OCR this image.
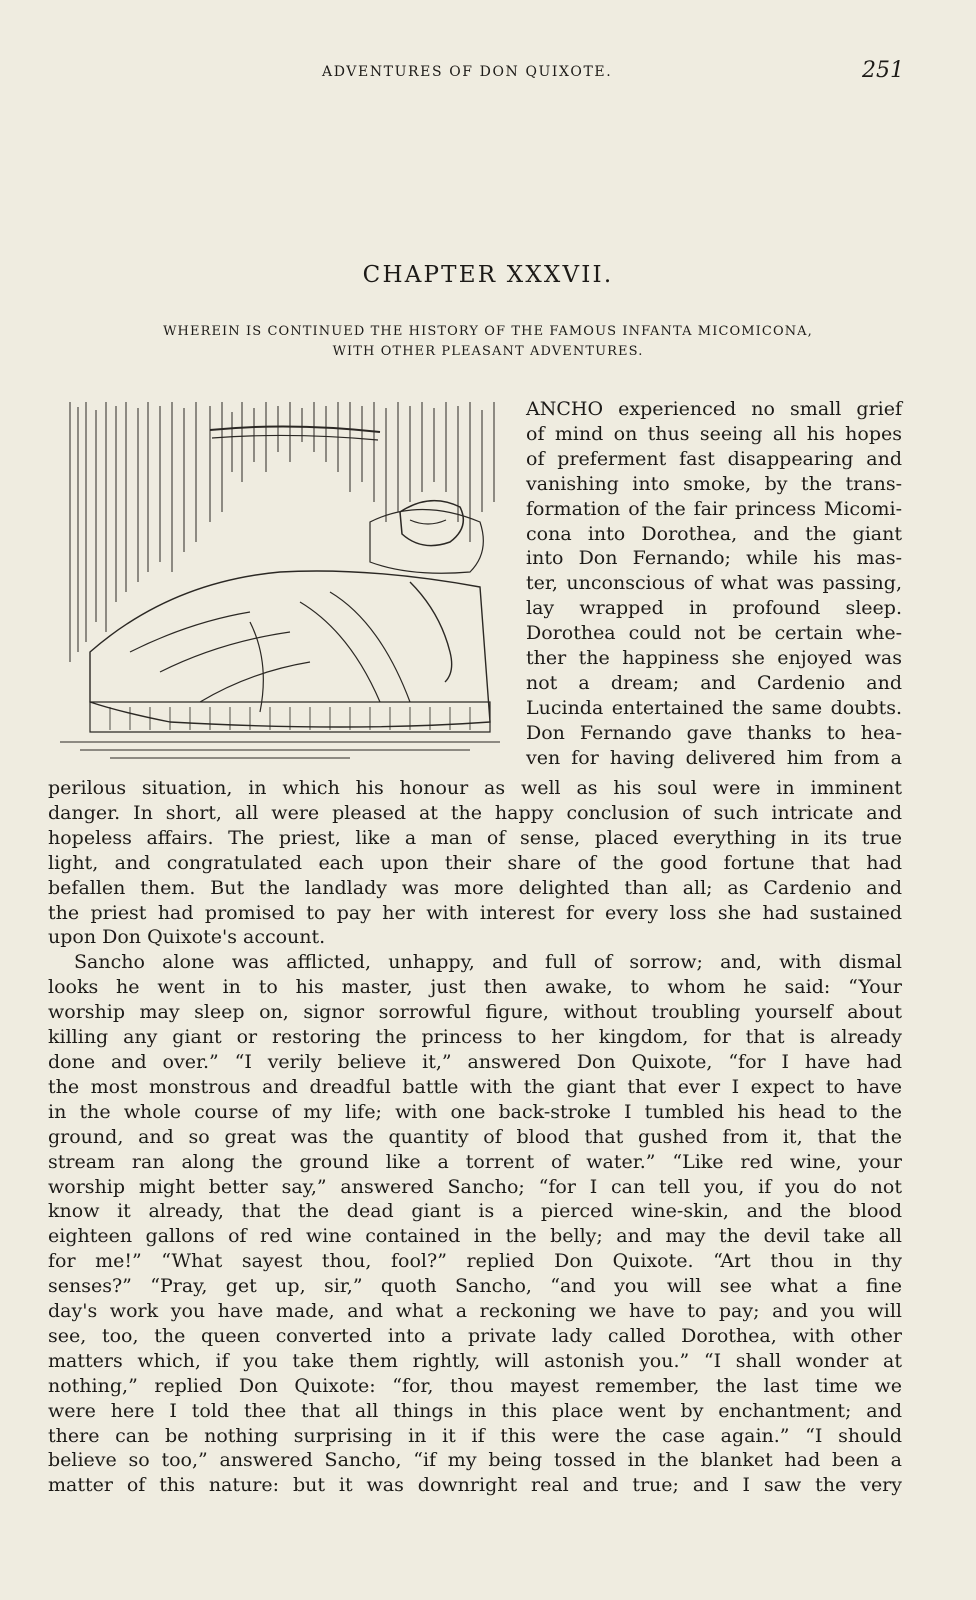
ADVENTURES OF DON QUIXOTE.	251
CHAPTER XXXVII.
WHEREIN IS CONTINUED THE HISTORY OF THE FAMOUS INFANTA MICOMICONA,
WITH OTHER PLEASANT ADVENTURES.
ANCHO experienced no small grief
of mind on thus seeing all his hopes
of preferment fast disappearing and
vanishing into smoke, by the trans-
formation of the fair princess Micomi-
cona into Dorothea, and the giant
into Don Fernando; while his mas-
ter, unconscious of what was passing,
lay wrapped in profound sleep.
Dorothea could not be certain whe-
ther the happiness she enjoyed was
not a dream; and Cardenio and
Lucinda entertained the same doubts.
Don Fernando gave thanks to hea-
ven for having delivered him from a
perilous situation, in which his honour as well as his soul were in imminent
danger. In short, all were pleased at the happy conclusion of such intricate and
hopeless affairs. The priest, like a man of sense, placed everything in its true
light, and congratulated each upon their share of the good fortune that had
befallen them. But the landlady was more delighted than all; as Cardenio and
the priest had promised to pay her with interest for every loss she had sustained
upon Don Quixote's account.
Sancho alone was afflicted, unhappy, and full of sorrow; and, with dismal
looks he went in to his master, just then awake, to whom he said: “Your
worship may sleep on, signor sorrowful figure, without troubling yourself about
killing any giant or restoring the princess to her kingdom, for that is already
done and over.” “I verily believe it,” answered Don Quixote, “for I have had
the most monstrous and dreadful battle with the giant that ever I expect to have
in the whole course of my life; with one back-stroke I tumbled his head to the
ground, and so great was the quantity of blood that gushed from it, that the
stream ran along the ground like a torrent of water.” “Like red wine, your
worship might better say,” answered Sancho; “for I can tell you, if you do not
know it already, that the dead giant is a pierced wine-skin, and the blood
eighteen gallons of red wine contained in the belly; and may the devil take all
for me!” “What sayest thou, fool?” replied Don Quixote. “Art thou in thy
senses?” “Pray, get up, sir,” quoth Sancho, “and you will see what a fine
day's work you have made, and what a reckoning we have to pay; and you will
see, too, the queen converted into a private lady called Dorothea, with other
matters which, if you take them rightly, will astonish you.” “I shall wonder at
nothing,” replied Don Quixote: “for, thou mayest remember, the last time we
were here I told thee that all things in this place went by enchantment; and
there can be nothing surprising in it if this were the case again.” “I should
believe so too,” answered Sancho, “if my being tossed in the blanket had been a
matter of this nature: but it was downright real and true; and I saw the very
